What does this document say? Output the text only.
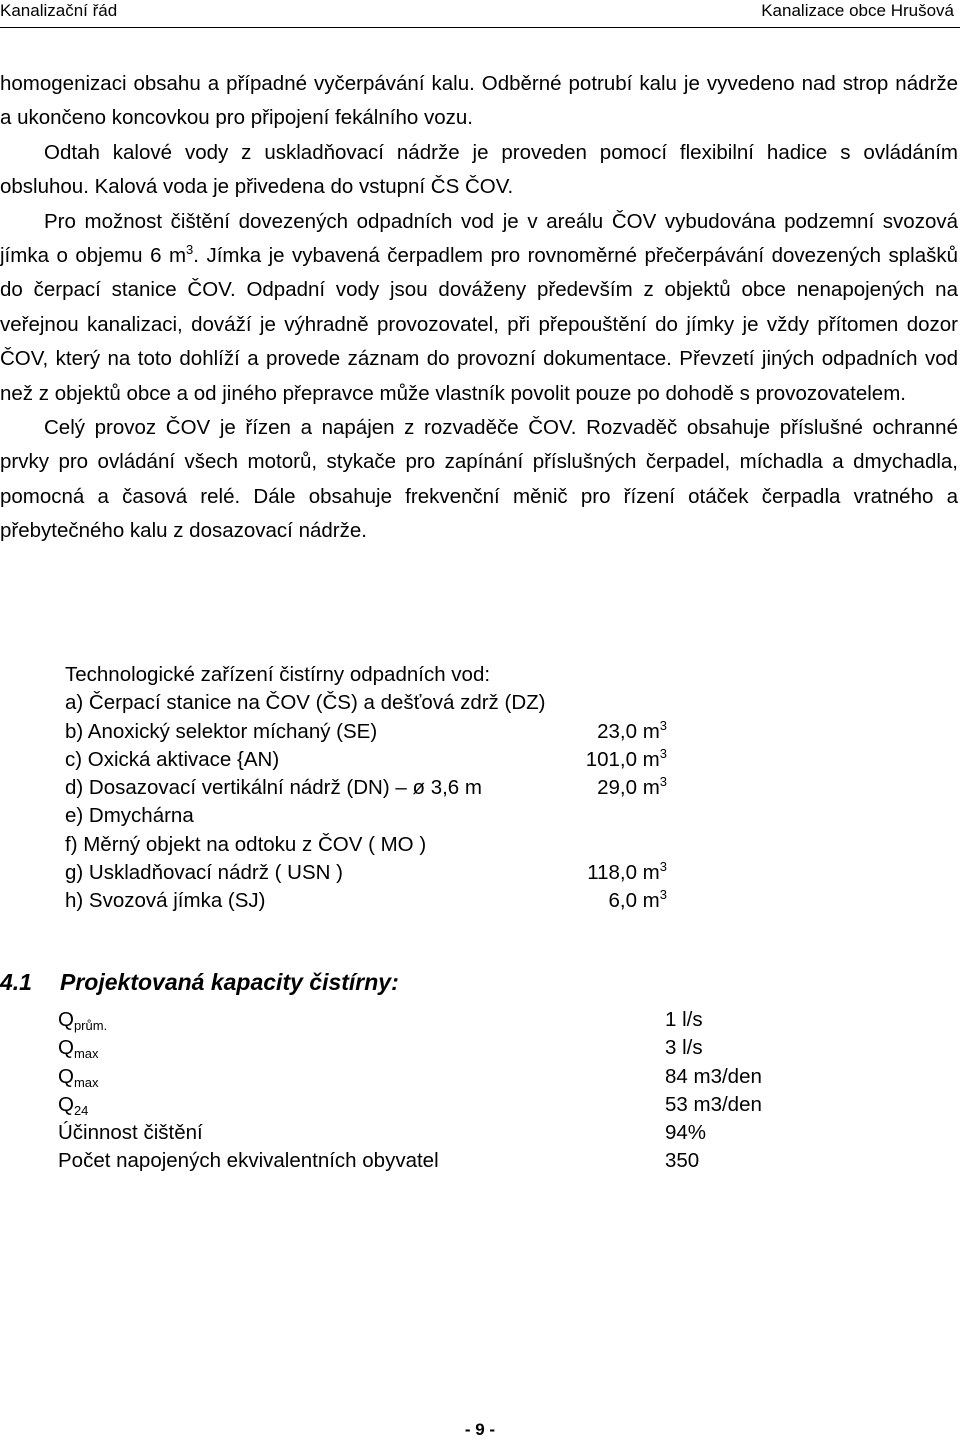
Kanalizační řád	Kanalizace obce Hrušová

homogenizaci obsahu a případné vyčerpávání kalu. Odběrné potrubí kalu je vyvedeno nad strop nádrže a ukončeno koncovkou pro připojení fekálního vozu.

Odtah kalové vody z uskladňovací nádrže je proveden pomocí flexibilní hadice s ovládáním obsluhou. Kalová voda je přivedena do vstupní ČS ČOV.

Pro možnost čištění dovezených odpadních vod je v areálu ČOV vybudována podzemní svozová jímka o objemu 6 $m^3$. Jímka je vybavená čerpadlem pro rovnoměrné přečerpávání dovezených splašků do čerpací stanice ČOV. Odpadní vody jsou dováženy především z objektů obce nenapojených na veřejnou kanalizaci, dováží je výhradně provozovatel, při přepouštění do jímky je vždy přítomen dozor ČOV, který na toto dohlíží a provede záznam do provozní dokumentace. Převzetí jiných odpadních vod než z objektů obce a od jiného přepravce může vlastník povolit pouze po dohodě s provozovatelem.

Celý provoz ČOV je řízen a napájen z rozvaděče ČOV. Rozvaděč obsahuje příslušné ochranné prvky pro ovládání všech motorů, stykače pro zapínání příslušných čerpadel, míchadla a dmychadla, pomocná a časová relé. Dále obsahuje frekvenční měnič pro řízení otáček čerpadla vratného a přebytečného kalu z dosazovací nádrže.

Technologické zařízení čistírny odpadních vod:
a) Čerpací stanice na ČOV (ČS) a dešťová zdrž (DZ)
b) Anoxický selektor míchaný (SE)	23,0 $m^3$
c) Oxická aktivace {AN)	101,0 $m^3$
d) Dosazovací vertikální nádrž (DN) – ø 3,6 m	29,0 $m^3$
e) Dmychárna
f) Měrný objekt na odtoku z ČOV ( MO )
g) Uskladňovací nádrž ( USN )	118,0 $m^3$
h) Svozová jímka (SJ)	6,0 $m^3$
4.1 Projektovaná kapacity čistírny:
$Q_{prům.}$	1 l/s
$Q_{max}$	3 l/s
$Q_{max}$	84 m3/den
$Q_{24}$	53 m3/den
Účinnost čištění	94%
Počet napojených ekvivalentních obyvatel	350
- 9 -
